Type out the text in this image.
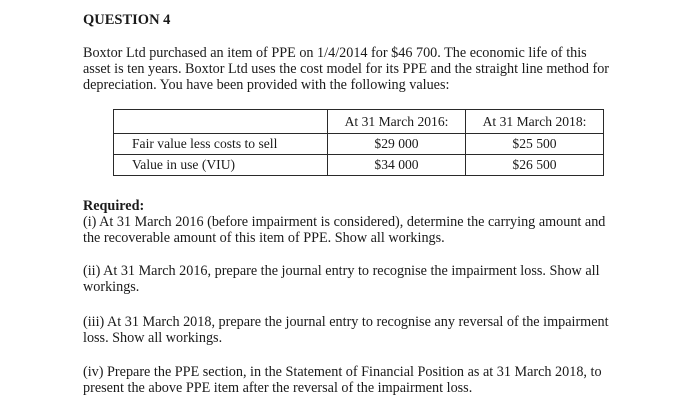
QUESTION 4

Boxtor Ltd purchased an item of PPE on 1/4/2014 for $46 700. The economic life of this
asset is ten years. Boxtor Ltd uses the cost model for its PPE and the straight line method for
depreciation. You have been provided with the following values:

	At 31 March 2016:	At 31 March 2018:
Fair value less costs to sell	$29 000	$25 500
Value in use (VIU)	$34 000	$26 500
Required:

(i) At 31 March 2016 (before impairment is considered), determine the carrying amount and
the recoverable amount of this item of PPE. Show all workings.

(ii) At 31 March 2016, prepare the journal entry to recognise the impairment loss. Show all
workings.

(iii) At 31 March 2018, prepare the journal entry to recognise any reversal of the impairment
loss. Show all workings.

(iv) Prepare the PPE section, in the Statement of Financial Position as at 31 March 2018, to
present the above PPE item after the reversal of the impairment loss.
